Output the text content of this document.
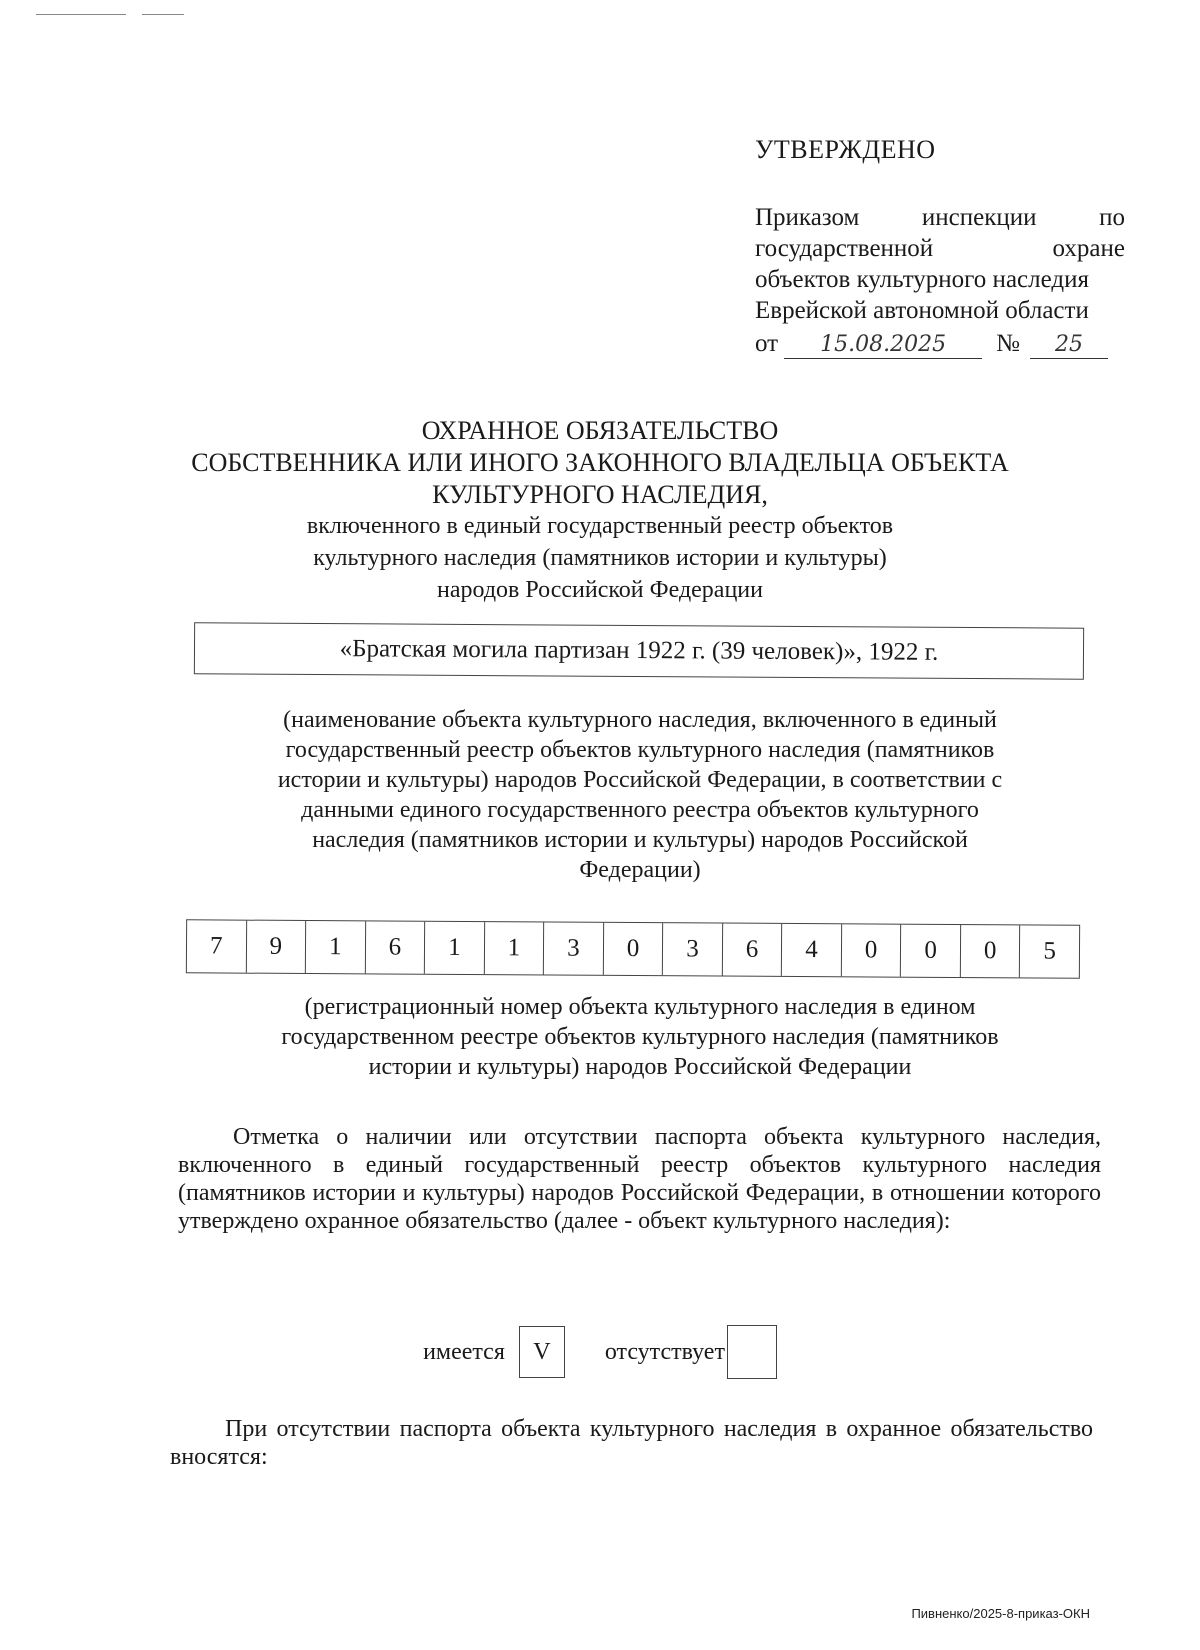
УТВЕРЖДЕНО
Приказом	инспекции	по
государственной	охране
объектов культурного наследия
Еврейской автономной области
от	15.08.2025	№	25
ОХРАННОЕ ОБЯЗАТЕЛЬСТВО
СОБСТВЕННИКА ИЛИ ИНОГО ЗАКОННОГО ВЛАДЕЛЬЦА ОБЪЕКТА
КУЛЬТУРНОГО НАСЛЕДИЯ,
включенного в единый государственный реестр объектов
культурного наследия (памятников истории и культуры)
народов Российской Федерации
«Братская могила партизан 1922 г. (39 человек)», 1922 г.
(наименование объекта культурного наследия, включенного в единый
государственный реестр объектов культурного наследия (памятников
истории и культуры) народов Российской Федерации, в соответствии с
данными единого государственного реестра объектов культурного
наследия (памятников истории и культуры) народов Российской
Федерации)
7	9	1	6	1	1	3	0	3	6	4	0	0	0	5
(регистрационный номер объекта культурного наследия в едином
государственном реестре объектов культурного наследия (памятников
истории и культуры) народов Российской Федерации

Отметка о наличии или отсутствии паспорта объекта культурного наследия, включенного в единый государственный реестр объектов культурного наследия (памятников истории и культуры) народов Российской Федерации, в отношении которого утверждено охранное обязательство (далее - объект культурного наследия):

имеется	V	отсутствует

При отсутствии паспорта объекта культурного наследия в охранное обязательство вносятся:

Пивненко/2025-8-приказ-ОКН
